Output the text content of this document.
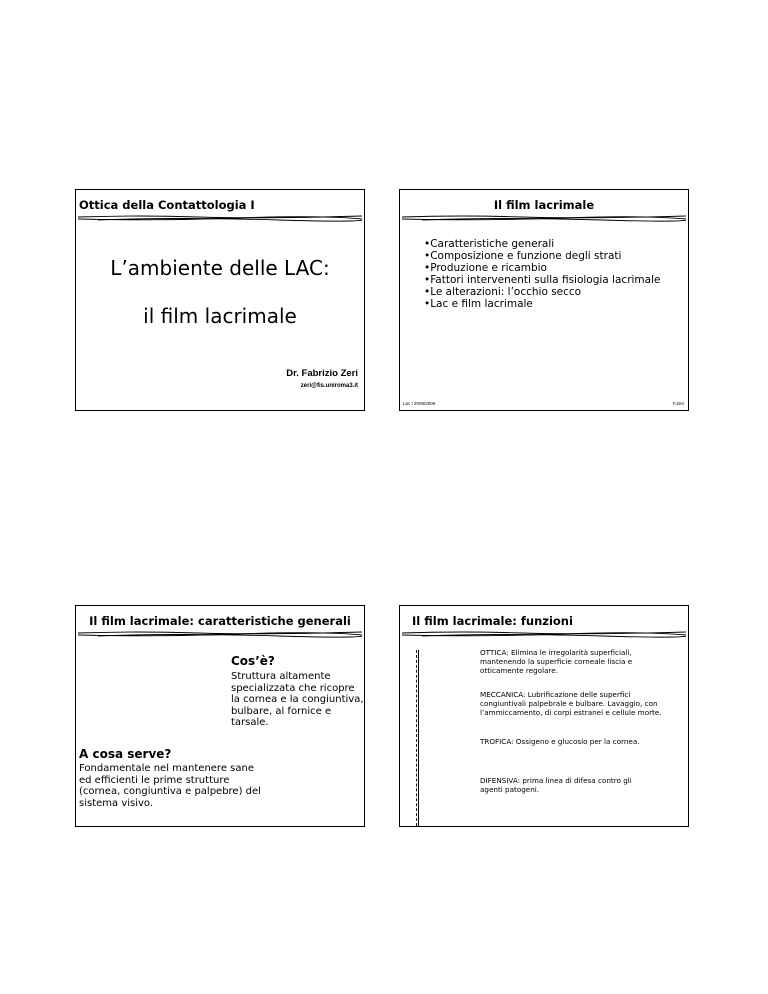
Ottica della Contattologia I
L’ambiente delle LAC:
il film lacrimale
Dr. Fabrizio Zeri
zeri@fis.uniroma3.it
Il film lacrimale
• Caratteristiche generali
• Composizione e funzione degli strati
• Produzione e ricambio
• Fattori intervenenti sulla fisiologia lacrimale
• Le alterazioni: l’occhio secco
• Lac e film lacrimale
Lac I 2008/2009	F.Zeri
Il film lacrimale: caratteristiche generali
Cos’è?
Struttura altamente
specializzata che ricopre
la cornea e la congiuntiva,
bulbare, al fornice e
tarsale.
A cosa serve?
Fondamentale nel mantenere sane
ed efficienti le prime strutture
(cornea, congiuntiva e palpebre) del
sistema visivo.
Il film lacrimale: funzioni
OTTICA: Elimina le irregolarità superficiali,
mantenendo la superficie corneale liscia e
otticamente regolare.
MECCANICA: Lubrificazione delle superfici
congiuntivali palpebrale e bulbare. Lavaggio, con
l’ammiccamento, di corpi estranei e cellule morte.
TROFICA: Ossigeno e glucosio per la cornea.
DIFENSIVA: prima linea di difesa contro gli
agenti patogeni.
